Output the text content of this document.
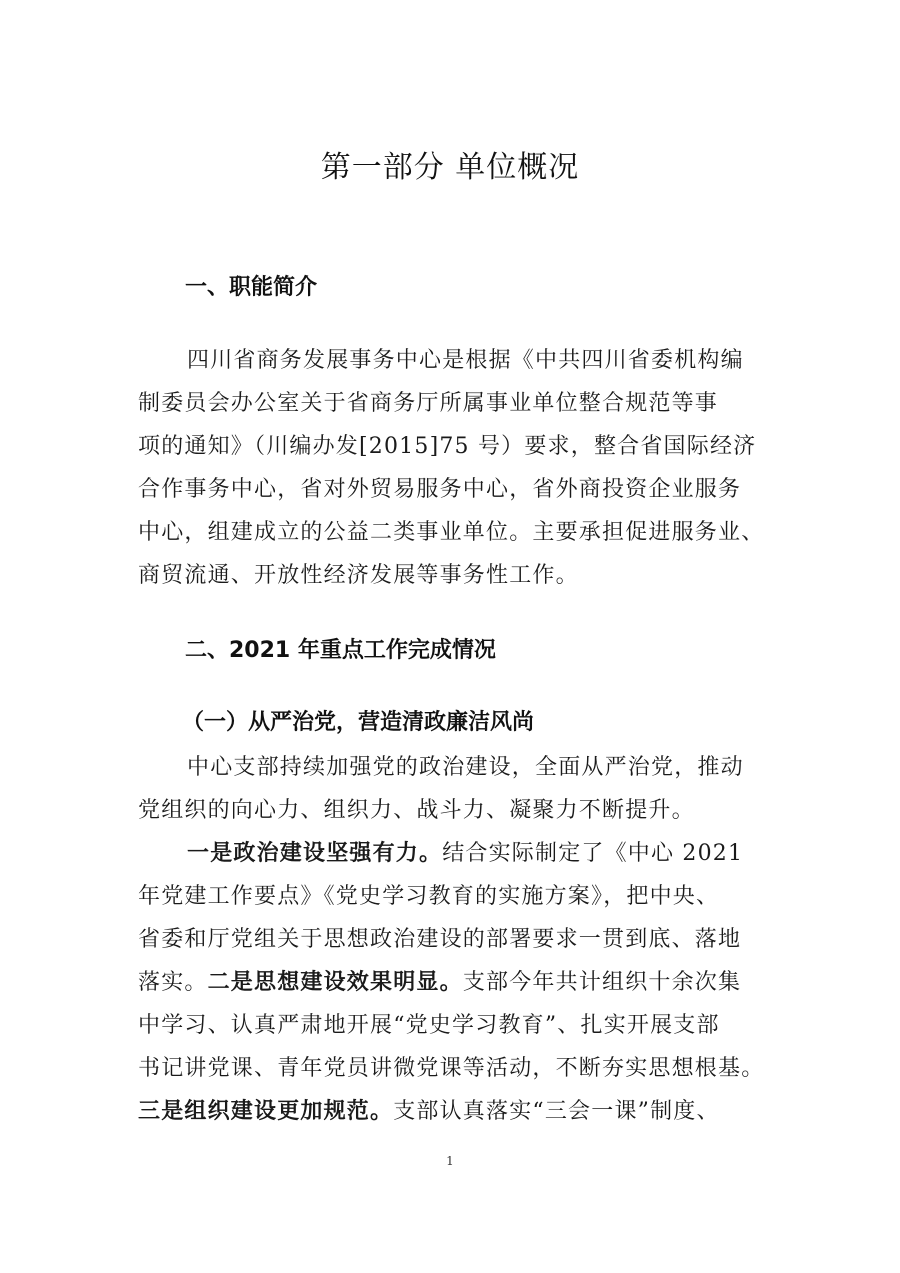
第一部分 单位概况
一、职能简介
四川省商务发展事务中心是根据《中共四川省委机构编
制委员会办公室关于省商务厅所属事业单位整合规范等事
项的通知》（川编办发[2015]75 号）要求，整合省国际经济
合作事务中心，省对外贸易服务中心，省外商投资企业服务
中心，组建成立的公益二类事业单位。主要承担促进服务业、
商贸流通、开放性经济发展等事务性工作。
二、2021 年重点工作完成情况
（一）从严治党，营造清政廉洁风尚
中心支部持续加强党的政治建设，全面从严治党，推动
党组织的向心力、组织力、战斗力、凝聚力不断提升。
一是政治建设坚强有力。结合实际制定了《中心 2021
年党建工作要点》《党史学习教育的实施方案》，把中央、
省委和厅党组关于思想政治建设的部署要求一贯到底、落地
落实。二是思想建设效果明显。支部今年共计组织十余次集
中学习、认真严肃地开展“党史学习教育”、扎实开展支部
书记讲党课、青年党员讲微党课等活动，不断夯实思想根基。
三是组织建设更加规范。支部认真落实“三会一课”制度、
1
